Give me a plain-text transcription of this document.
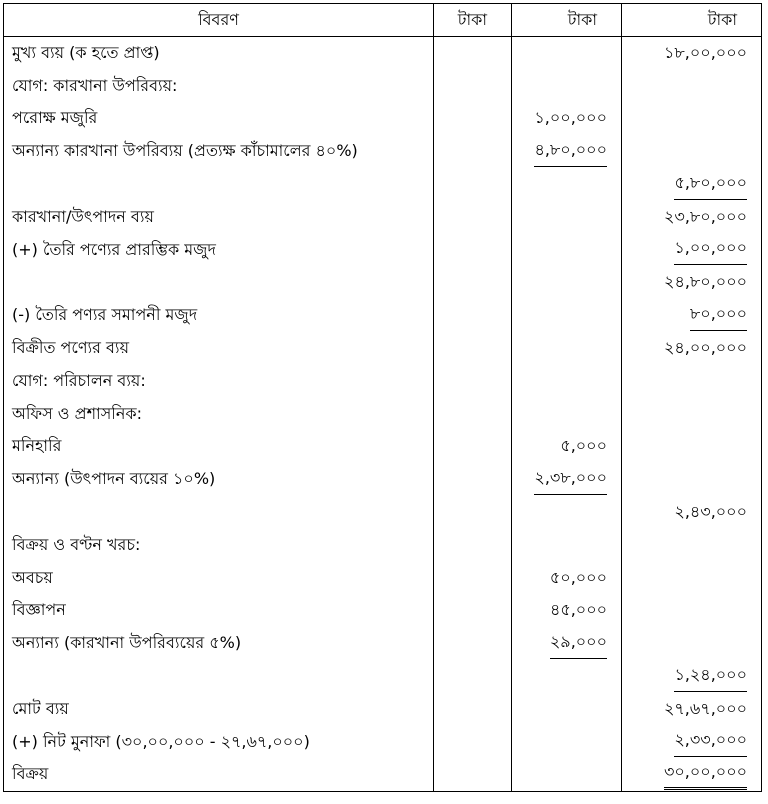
বিবরণ	টাকা	টাকা	টাকা
মুখ্য ব্যয় (ক হতে প্রাপ্ত)			১৮,০০,০০০
যোগ: কারখানা উপরিব্যয়:			
পরোক্ষ মজুরি		১,০০,০০০	
অন্যান্য কারখানা উপরিব্যয় (প্রত্যক্ষ কাঁচামালের ৪০%)		৪,৮০,০০০	
			৫,৮০,০০০
কারখানা/উৎপাদন ব্যয়			২৩,৮০,০০০
(+) তৈরি পণ্যের প্রারম্ভিক মজুদ			১,০০,০০০
			২৪,৮০,০০০
(-) তৈরি পণ্যর সমাপনী মজুদ			৮০,০০০
বিক্রীত পণ্যের ব্যয়			২৪,০০,০০০
যোগ: পরিচালন ব্যয়:			
অফিস ও প্রশাসনিক:			
মনিহারি		৫,০০০	
অন্যান্য (উৎপাদন ব্যয়ের ১০%)		২,৩৮,০০০	
			২,৪৩,০০০
বিক্রয় ও বণ্টন খরচ:			
অবচয়		৫০,০০০	
বিজ্ঞাপন		৪৫,০০০	
অন্যান্য (কারখানা উপরিব্যয়ের ৫%)		২৯,০০০	
			১,২৪,০০০
মোট ব্যয়			২৭,৬৭,০০০
(+) নিট মুনাফা (৩০,০০,০০০ - ২৭,৬৭,০০০)			২,৩৩,০০০
বিক্রয়			৩০,০০,০০০
